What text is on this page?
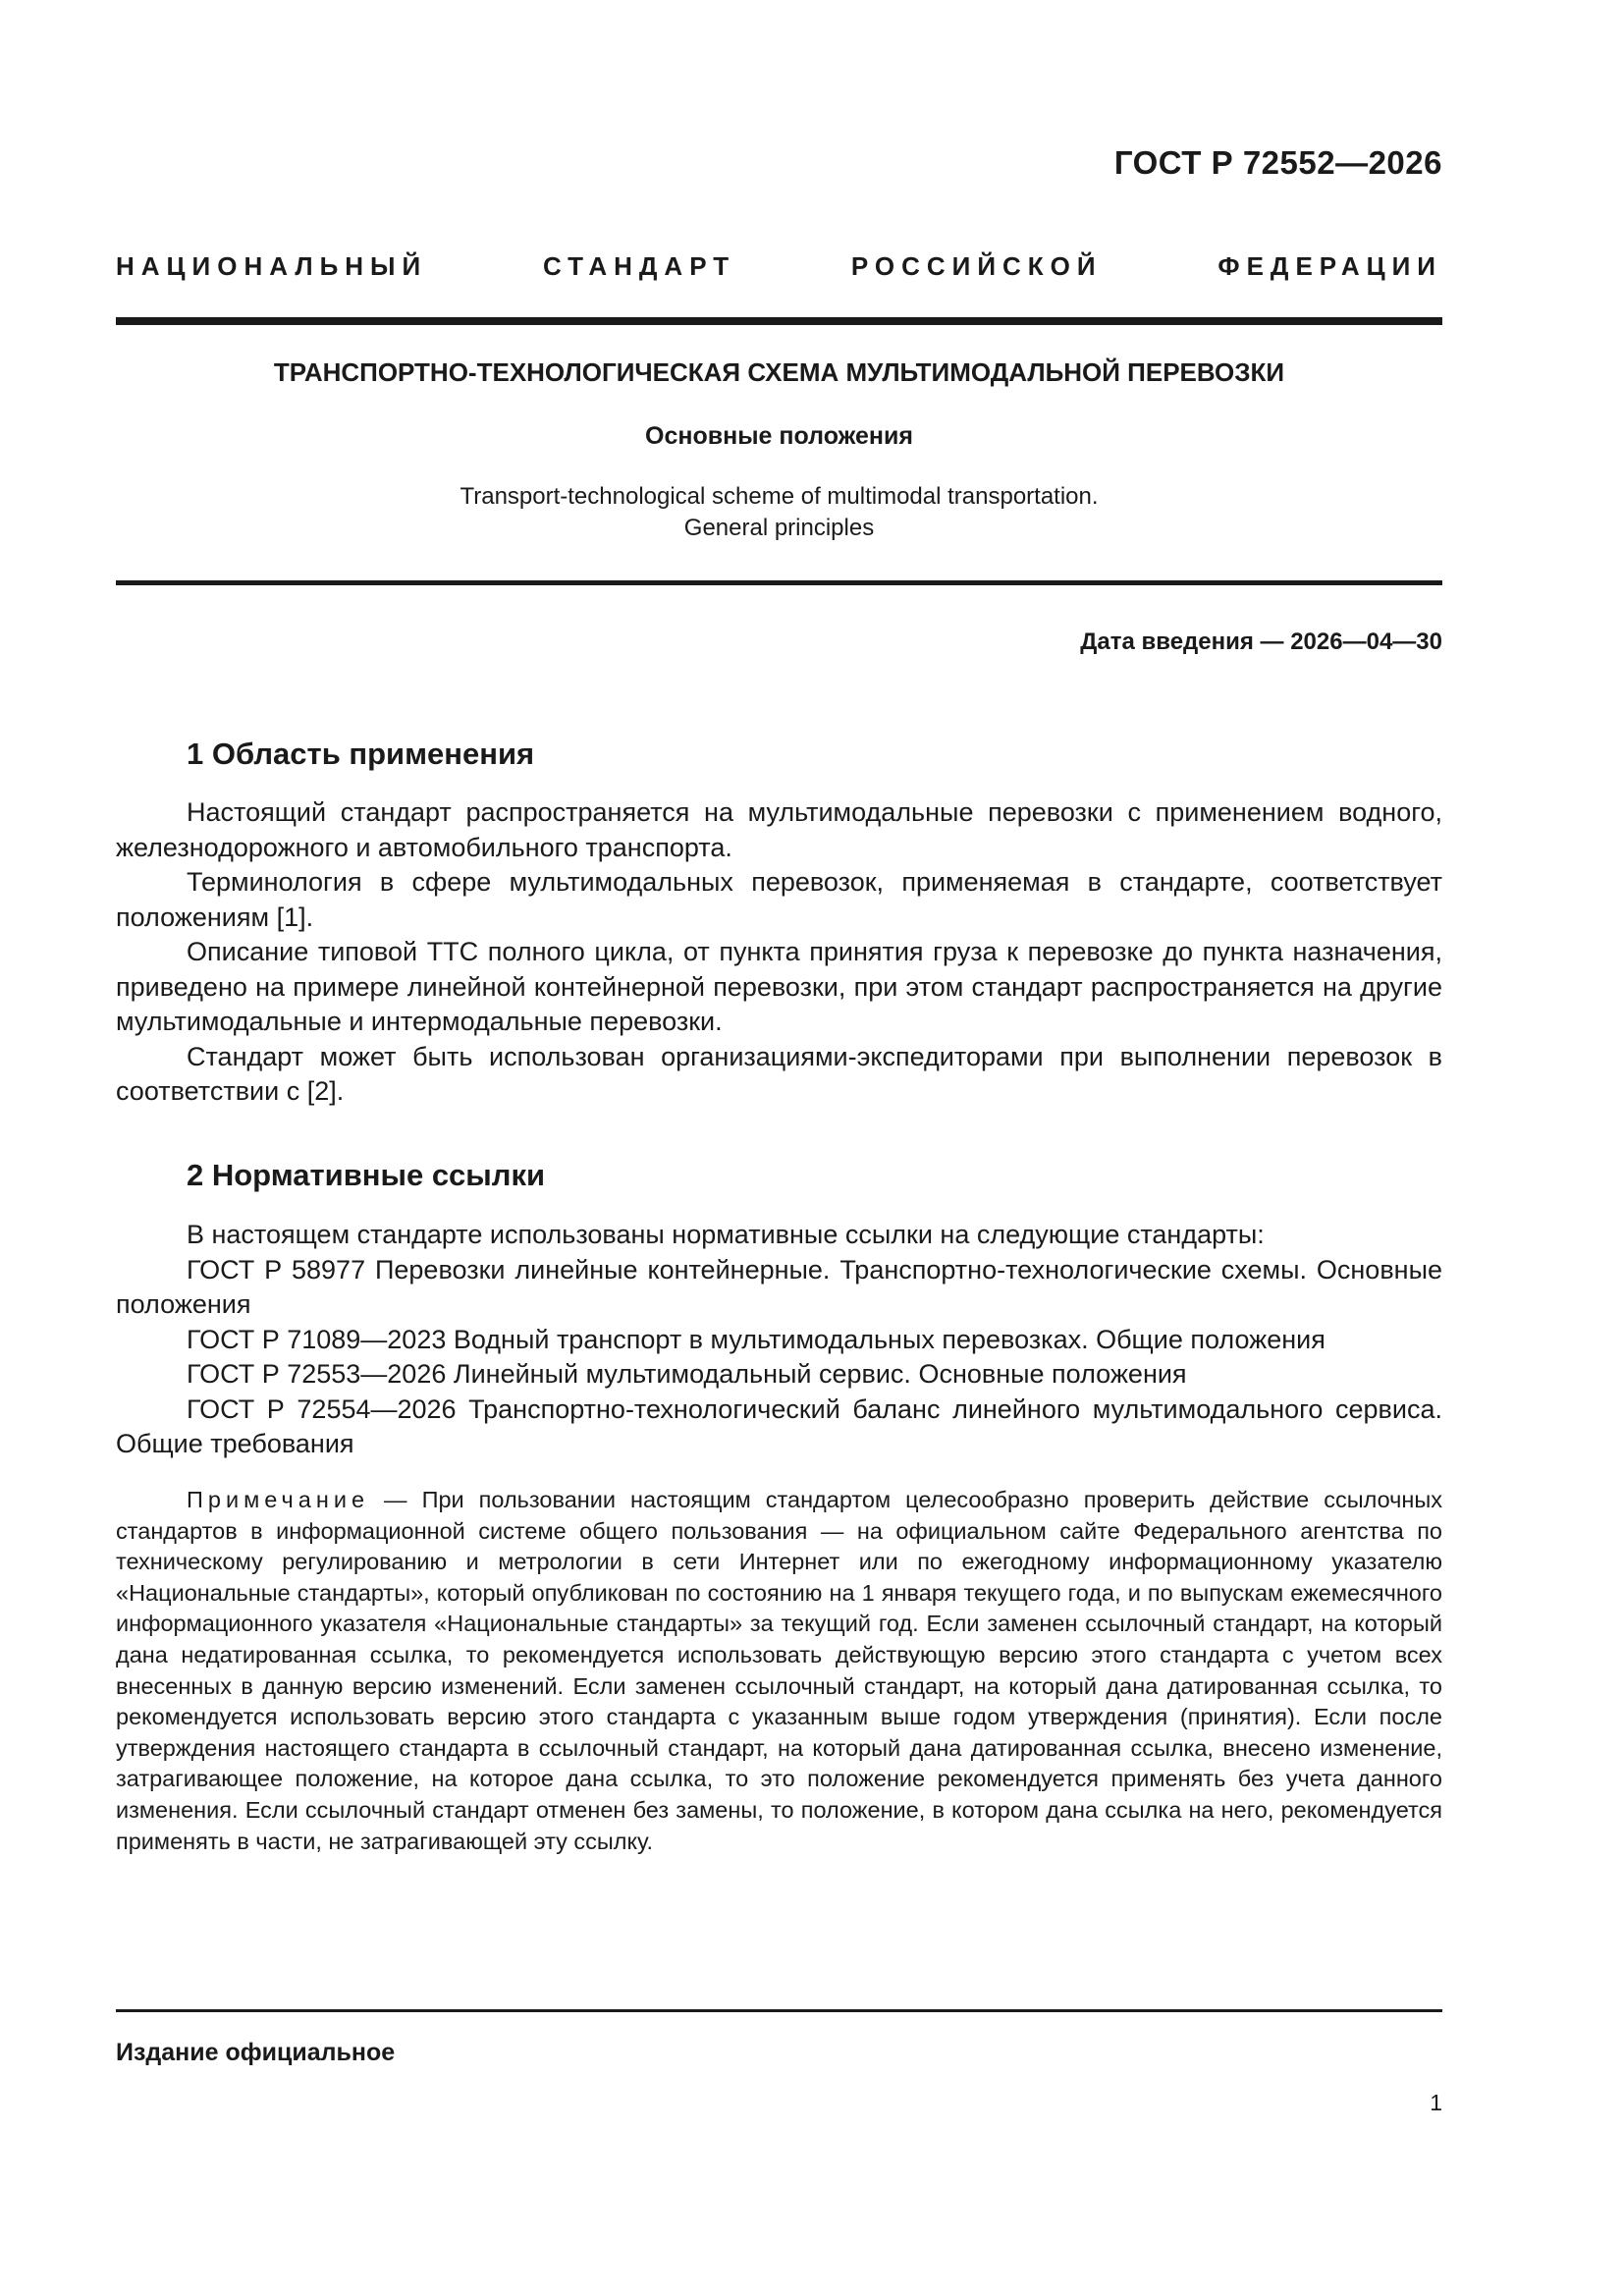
ГОСТ Р 72552—2026
НАЦИОНАЛЬНЫЙ СТАНДАРТ РОССИЙСКОЙ ФЕДЕРАЦИИ
ТРАНСПОРТНО-ТЕХНОЛОГИЧЕСКАЯ СХЕМА МУЛЬТИМОДАЛЬНОЙ ПЕРЕВОЗКИ
Основные положения
Transport-technological scheme of multimodal transportation.
General principles
Дата введения — 2026—04—30
1 Область применения

Настоящий стандарт распространяется на мультимодальные перевозки с применением водного, железнодорожного и автомобильного транспорта.

Терминология в сфере мультимодальных перевозок, применяемая в стандарте, соответствует положениям [1].

Описание типовой ТТС полного цикла, от пункта принятия груза к перевозке до пункта назначения, приведено на примере линейной контейнерной перевозки, при этом стандарт распространяется на другие мультимодальные и интермодальные перевозки.

Стандарт может быть использован организациями-экспедиторами при выполнении перевозок в соответствии с [2].

2 Нормативные ссылки

В настоящем стандарте использованы нормативные ссылки на следующие стандарты:

ГОСТ Р 58977 Перевозки линейные контейнерные. Транспортно-технологические схемы. Основные положения

ГОСТ Р 71089—2023 Водный транспорт в мультимодальных перевозках. Общие положения

ГОСТ Р 72553—2026 Линейный мультимодальный сервис. Основные положения

ГОСТ Р 72554—2026 Транспортно-технологический баланс линейного мультимодального сервиса. Общие требования

Примечание — При пользовании настоящим стандартом целесообразно проверить действие ссылочных стандартов в информационной системе общего пользования — на официальном сайте Федерального агентства по техническому регулированию и метрологии в сети Интернет или по ежегодному информационному указателю «Национальные стандарты», который опубликован по состоянию на 1 января текущего года, и по выпускам ежемесячного информационного указателя «Национальные стандарты» за текущий год. Если заменен ссылочный стандарт, на который дана недатированная ссылка, то рекомендуется использовать действующую версию этого стандарта с учетом всех внесенных в данную версию изменений. Если заменен ссылочный стандарт, на который дана датированная ссылка, то рекомендуется использовать версию этого стандарта с указанным выше годом утверждения (принятия). Если после утверждения настоящего стандарта в ссылочный стандарт, на который дана датированная ссылка, внесено изменение, затрагивающее положение, на которое дана ссылка, то это положение рекомендуется применять без учета данного изменения. Если ссылочный стандарт отменен без замены, то положение, в котором дана ссылка на него, рекомендуется применять в части, не затрагивающей эту ссылку.
Издание официальное
1
